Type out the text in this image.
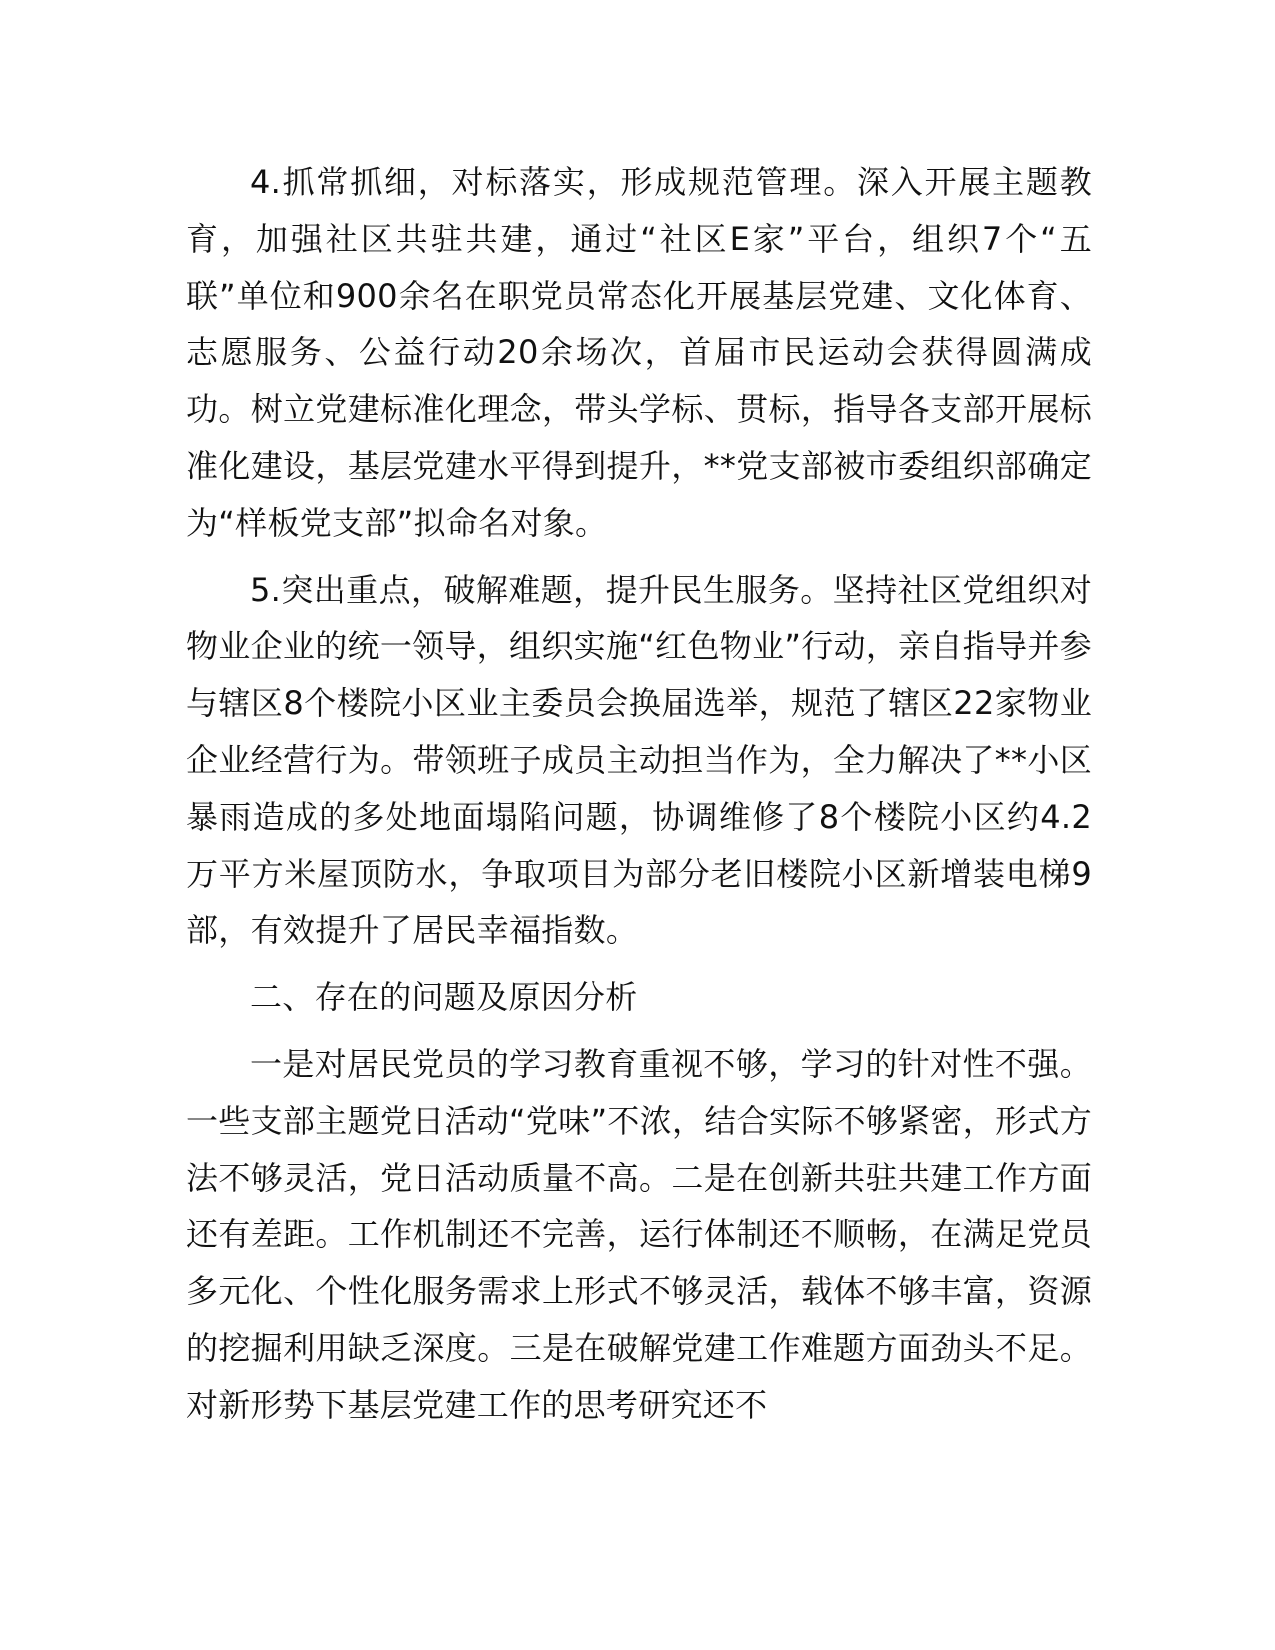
4.抓常抓细，对标落实，形成规范管理。深入开展主题教育，加强社区共驻共建，通过“社区E家”平台，组织7个“五联”单位和900余名在职党员常态化开展基层党建、文化体育、志愿服务、公益行动20余场次，首届市民运动会获得圆满成功。树立党建标准化理念，带头学标、贯标，指导各支部开展标准化建设，基层党建水平得到提升，**党支部被市委组织部确定为“样板党支部”拟命名对象。

5.突出重点，破解难题，提升民生服务。坚持社区党组织对物业企业的统一领导，组织实施“红色物业”行动，亲自指导并参与辖区8个楼院小区业主委员会换届选举，规范了辖区22家物业企业经营行为。带领班子成员主动担当作为，全力解决了**小区暴雨造成的多处地面塌陷问题，协调维修了8个楼院小区约4.2万平方米屋顶防水，争取项目为部分老旧楼院小区新增装电梯9部，有效提升了居民幸福指数。

二、存在的问题及原因分析

一是对居民党员的学习教育重视不够，学习的针对性不强。一些支部主题党日活动“党味”不浓，结合实际不够紧密，形式方法不够灵活，党日活动质量不高。二是在创新共驻共建工作方面还有差距。工作机制还不完善，运行体制还不顺畅，在满足党员多元化、个性化服务需求上形式不够灵活，载体不够丰富，资源的挖掘利用缺乏深度。三是在破解党建工作难题方面劲头不足。对新形势下基层党建工作的思考研究还不
